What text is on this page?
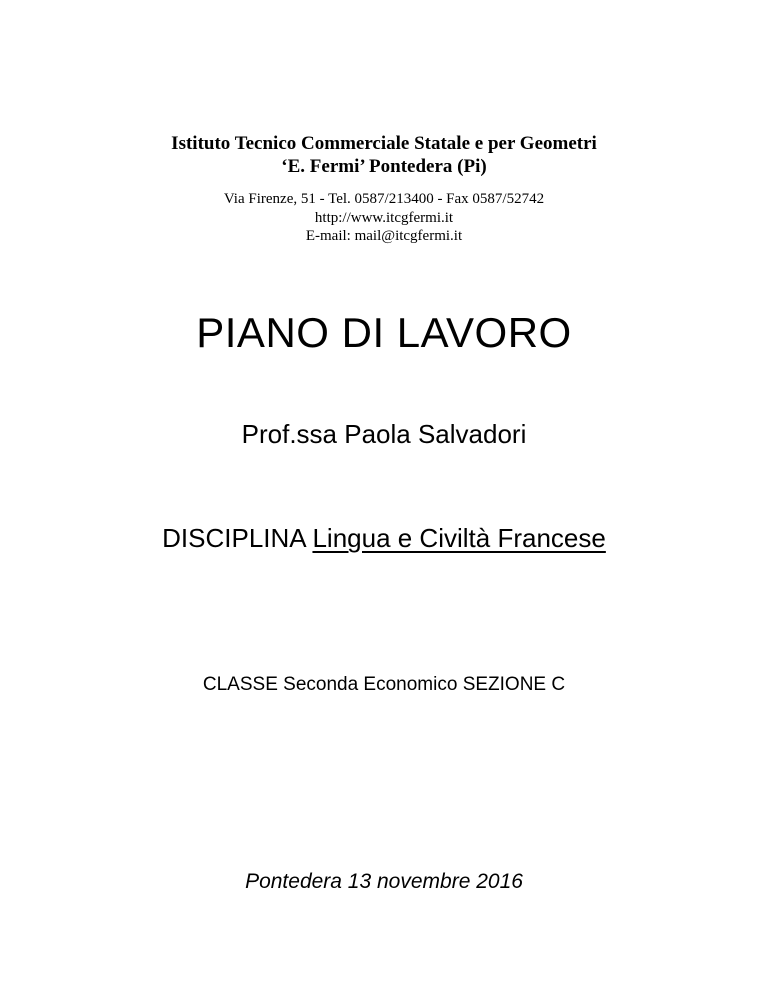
Istituto Tecnico Commerciale Statale e per Geometri
‘E. Fermi’ Pontedera (Pi)
Via Firenze, 51 - Tel. 0587/213400 - Fax 0587/52742
http://www.itcgfermi.it
E-mail: mail@itcgfermi.it
PIANO DI LAVORO
Prof.ssa Paola Salvadori
DISCIPLINA Lingua e Civiltà Francese
CLASSE Seconda Economico SEZIONE C
Pontedera 13 novembre 2016
